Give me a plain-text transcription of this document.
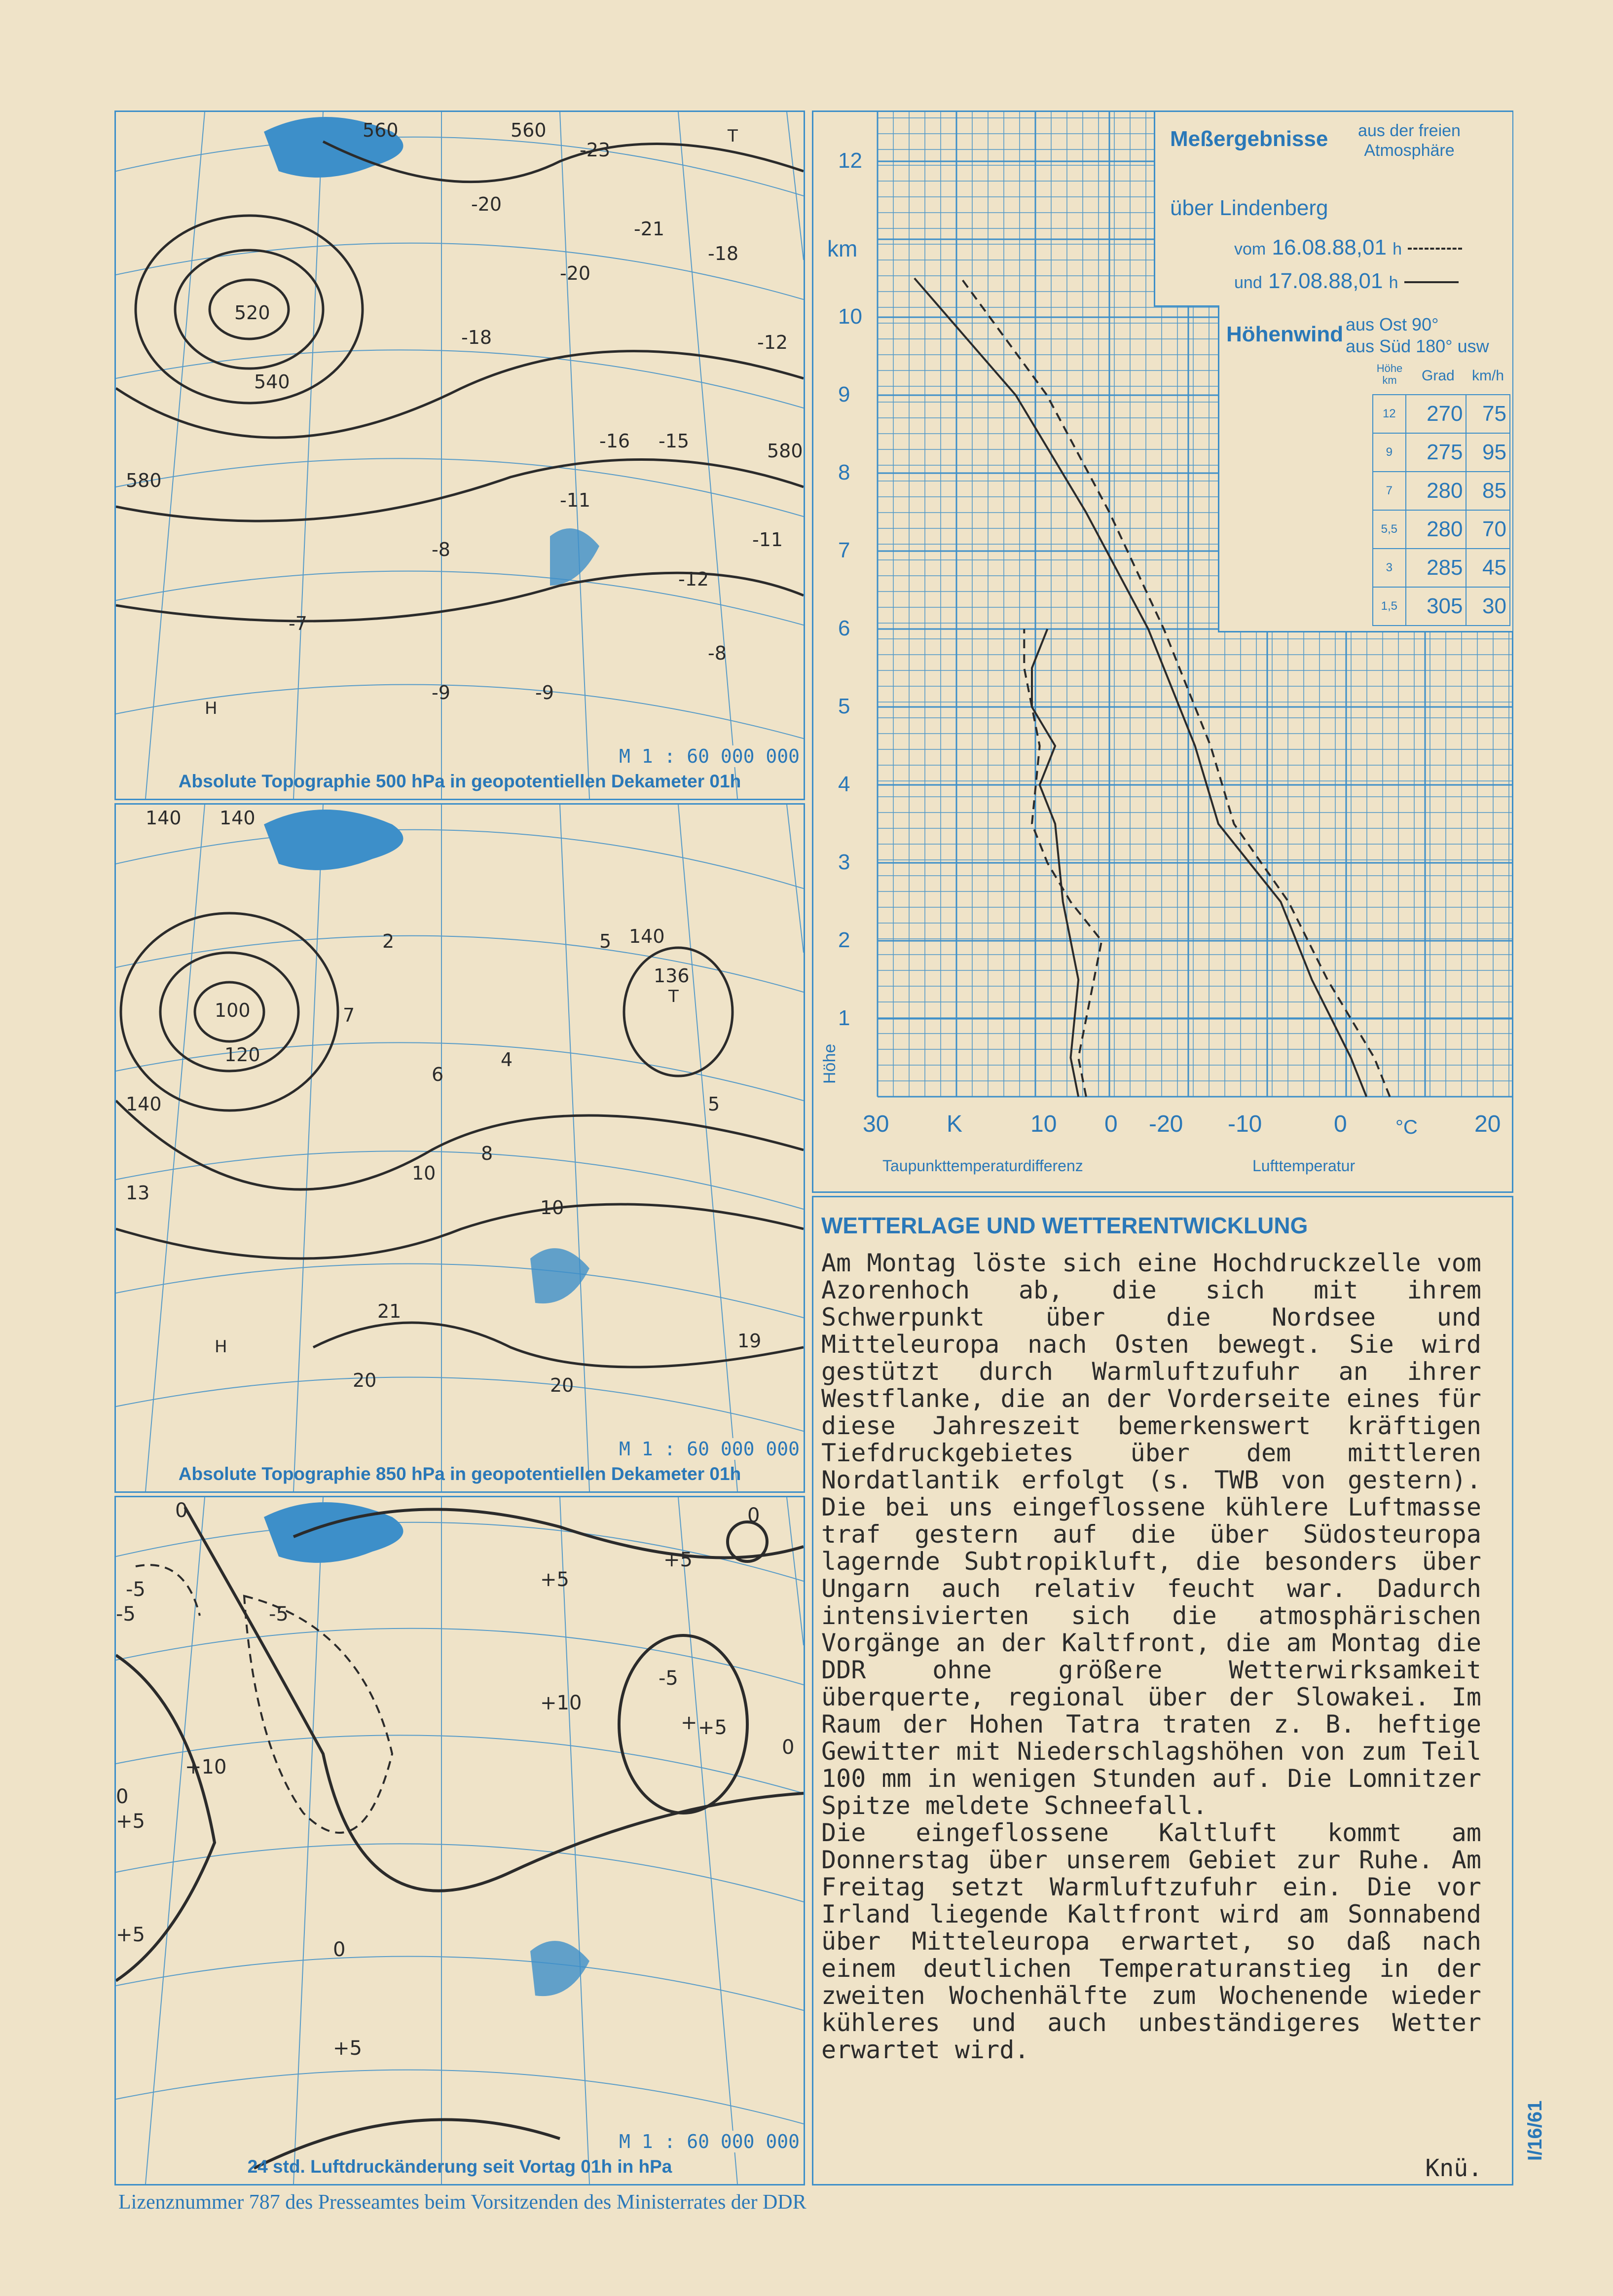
560	560
520
540
580
580
-23
-20
-20
-21
-18
-18
-16 -15
-12
-11
-8
-7
-9	-9
-8
-12
-11
T
H
M 1 : 60 000 000
Absolute Topographie 500 hPa in geopotentiellen Dekameter 01h
140 140
140
140
136
120
100
5
7
2
6
8
4
10
5
13
10
21
20	20
19
T
H
M 1 : 60 000 000
Absolute Topographie 850 hPa in geopotentiellen Dekameter 01h
0
-5
-5	-5
-5
+5
+5
+5
+10
+10
+5
+5
+5
0
0
0
0
+
M 1 : 60 000 000
24 std. Luftdruckänderung seit Vortag 01h in hPa
km
Höhe
12
10
9
8
7
6
5
4
3
2
1
Taupunkttemperaturdifferenz	Lufttemperatur
30 K	10 0 -20 -10	0 °C 20
Meßergebnisse	aus der freien Atmosphäre
über Lindenberg
vom 16.08.88,01 h
und 17.08.88,01 h
Höhenwind aus Ost 90°
aus Süd 180° usw
Höhe km	Grad km/h
12	270	75
9	275	95
7	280	85
5,5	280	70
3	285	45
1,5	305	30
WETTERLAGE UND WETTERENTWICKLUNG

Am Montag löste sich eine Hochdruckzelle vom Azorenhoch ab, die sich mit ihrem Schwerpunkt über die Nordsee und Mitteleuropa nach Osten bewegt. Sie wird gestützt durch Warmluftzufuhr an ihrer Westflanke, die an der Vorderseite eines für diese Jahreszeit bemerkenswert kräftigen Tiefdruckgebietes über dem mittleren Nordatlantik erfolgt (s. TWB von gestern). Die bei uns eingeflossene kühlere Luftmasse traf gestern auf die über Südosteuropa lagernde Subtropikluft, die besonders über Ungarn auch relativ feucht war. Dadurch intensivierten sich die atmosphärischen Vorgänge an der Kaltfront, die am Montag die DDR ohne größere Wetterwirksamkeit überquerte, regional über der Slowakei. Im Raum der Hohen Tatra traten z. B. heftige Gewitter mit Niederschlagshöhen von zum Teil 100 mm in wenigen Stunden auf. Die Lomnitzer Spitze meldete Schneefall.

Die eingeflossene Kaltluft kommt am Donnerstag über unserem Gebiet zur Ruhe. Am Freitag setzt Warmluftzufuhr ein. Die vor Irland liegende Kaltfront wird am Sonnabend über Mitteleuropa erwartet, so daß nach einem deutlichen Temperaturanstieg in der zweiten Wochenhälfte zum Wochenende wieder kühleres und auch unbeständigeres Wetter erwartet wird.

Knü.
Lizenznummer 787 des Presseamtes beim Vorsitzenden des Ministerrates der DDR
I/16/61
